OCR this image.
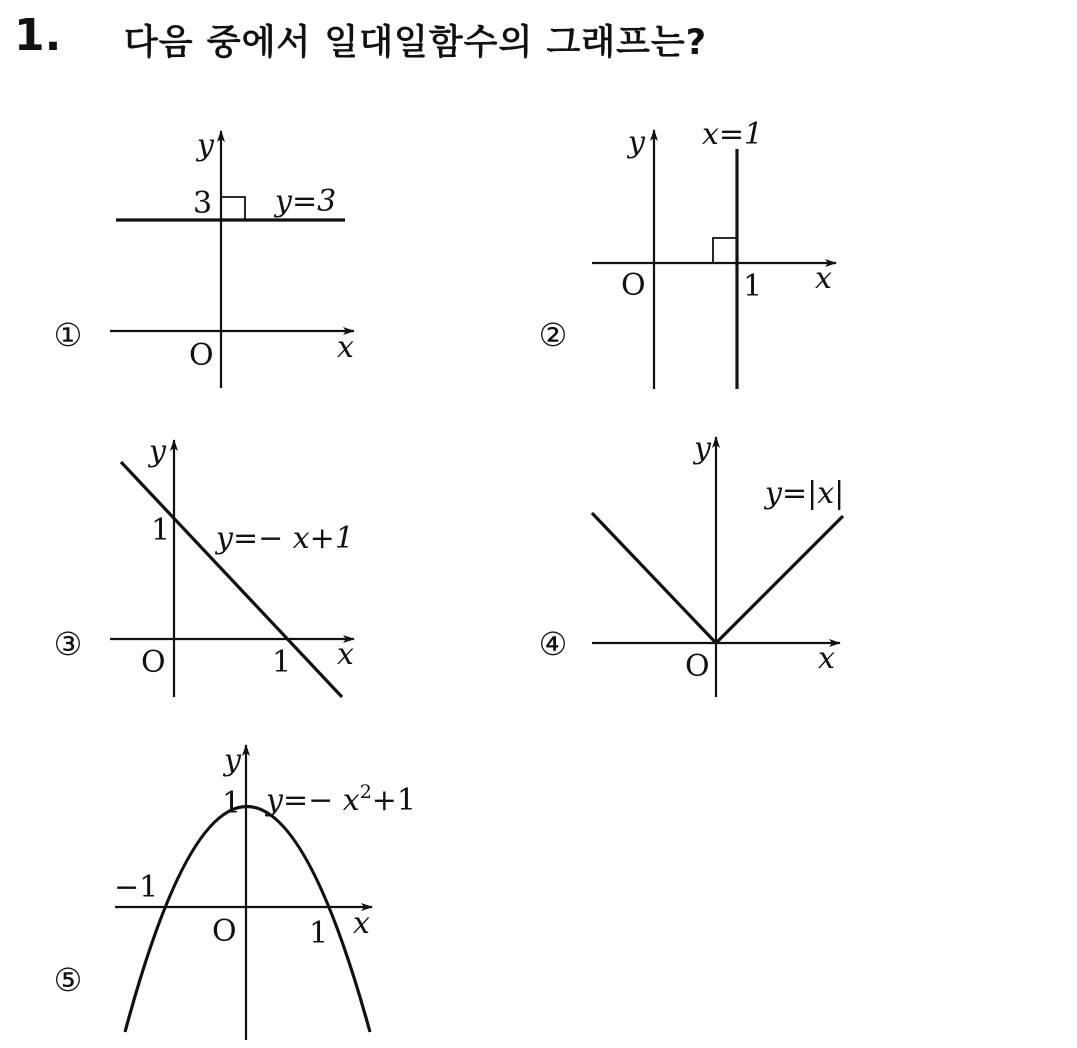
1. 다음 중에서 일대일함수의 그래프는?
①	②
③	④
⑤
y
x
O
3 y=3
y
x
O	1
x=1
y
x
O
1
1
y=− x+1
y
x
O
y=|x|
y
x
O
1
−1
1
$y=- x^2+1$
